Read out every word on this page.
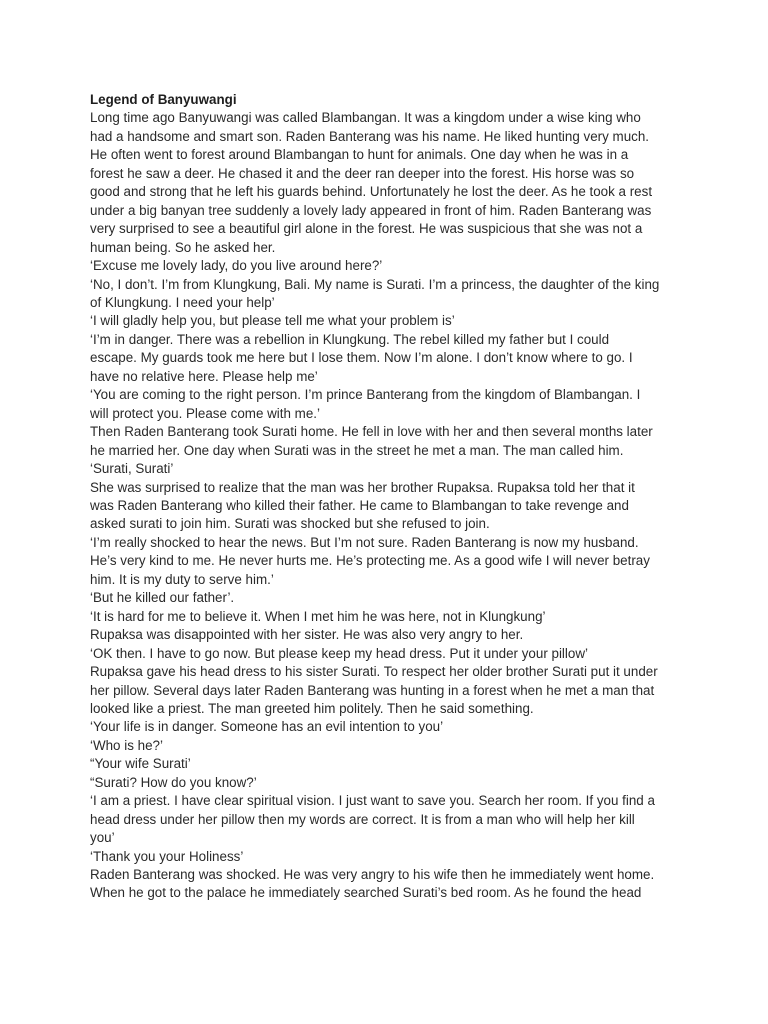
Legend of Banyuwangi

Long time ago Banyuwangi was called Blambangan. It was a kingdom under a wise king who

had a handsome and smart son. Raden Banterang was his name. He liked hunting very much.

He often went to forest around Blambangan to hunt for animals. One day when he was in a

forest he saw a deer. He chased it and the deer ran deeper into the forest. His horse was so

good and strong that he left his guards behind. Unfortunately he lost the deer. As he took a rest

under a big banyan tree suddenly a lovely lady appeared in front of him. Raden Banterang was

very surprised to see a beautiful girl alone in the forest. He was suspicious that she was not a

human being. So he asked her.

‘Excuse me lovely lady, do you live around here?’

‘No, I don’t. I’m from Klungkung, Bali. My name is Surati. I’m a princess, the daughter of the king

of Klungkung. I need your help’

‘I will gladly help you, but please tell me what your problem is’

‘I’m in danger. There was a rebellion in Klungkung. The rebel killed my father but I could

escape. My guards took me here but I lose them. Now I’m alone. I don’t know where to go. I

have no relative here. Please help me’

‘You are coming to the right person. I’m prince Banterang from the kingdom of Blambangan. I

will protect you. Please come with me.’

Then Raden Banterang took Surati home. He fell in love with her and then several months later

he married her. One day when Surati was in the street he met a man. The man called him.

‘Surati, Surati’

She was surprised to realize that the man was her brother Rupaksa. Rupaksa told her that it

was Raden Banterang who killed their father. He came to Blambangan to take revenge and

asked surati to join him. Surati was shocked but she refused to join.

‘I’m really shocked to hear the news. But I’m not sure. Raden Banterang is now my husband.

He’s very kind to me. He never hurts me. He’s protecting me. As a good wife I will never betray

him. It is my duty to serve him.’

‘But he killed our father’.

‘It is hard for me to believe it. When I met him he was here, not in Klungkung’

Rupaksa was disappointed with her sister. He was also very angry to her.

‘OK then. I have to go now. But please keep my head dress. Put it under your pillow’

Rupaksa gave his head dress to his sister Surati. To respect her older brother Surati put it under

her pillow. Several days later Raden Banterang was hunting in a forest when he met a man that

looked like a priest. The man greeted him politely. Then he said something.

‘Your life is in danger. Someone has an evil intention to you’

‘Who is he?’

“Your wife Surati’

“Surati? How do you know?’

‘I am a priest. I have clear spiritual vision. I just want to save you. Search her room. If you find a

head dress under her pillow then my words are correct. It is from a man who will help her kill

you’

‘Thank you your Holiness’

Raden Banterang was shocked. He was very angry to his wife then he immediately went home.

When he got to the palace he immediately searched Surati’s bed room. As he found the head
